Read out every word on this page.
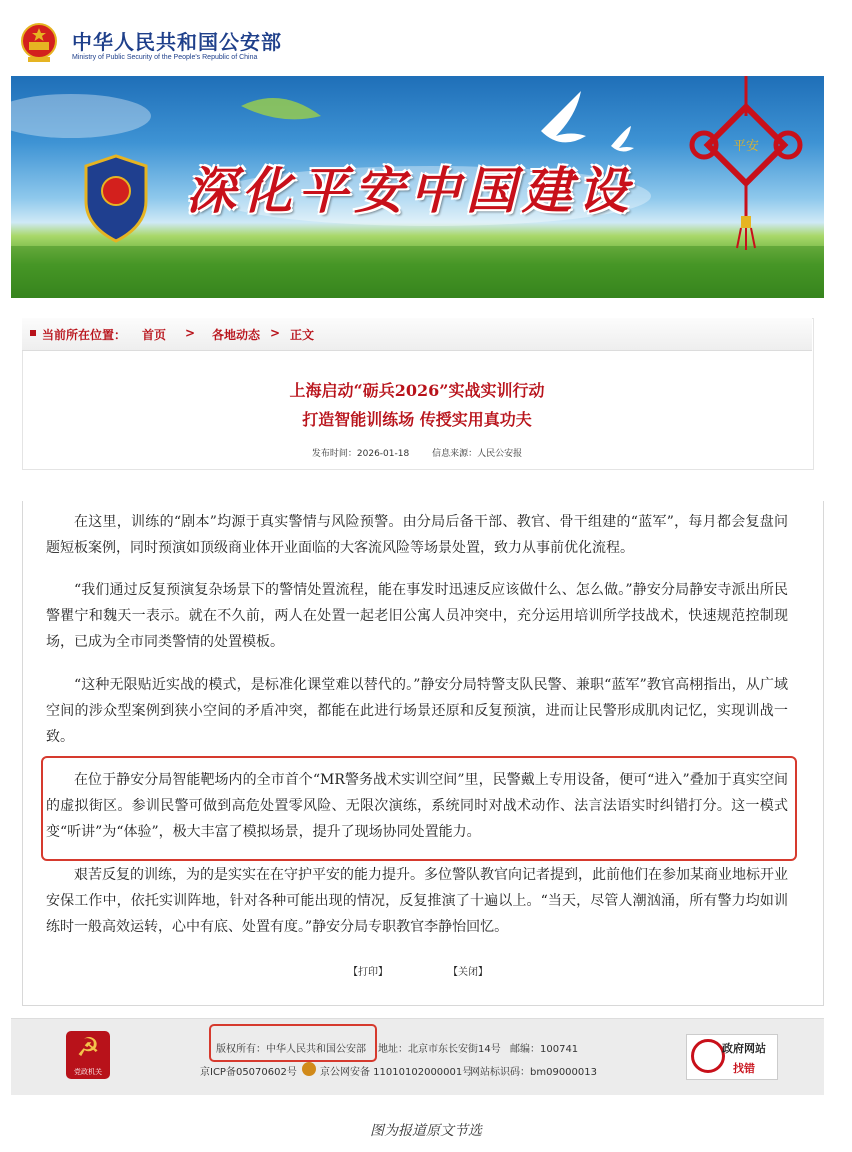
中华人民共和国公安部
Ministry of Public Security of the People's Republic of China
平安
深化平安中国建设
当前所在位置： 首页 > 各地动态 > 正文
上海启动“砺兵2026”实战实训行动
打造智能训练场 传授实用真功夫
发布时间：2026-01-18	信息来源：人民公安报

在这里，训练的“剧本”均源于真实警情与风险预警。由分局后备干部、教官、骨干组建的“蓝军”，每月都会复盘问题短板案例，同时预演如顶级商业体开业面临的大客流风险等场景处置，致力从事前优化流程。

“我们通过反复预演复杂场景下的警情处置流程，能在事发时迅速反应该做什么、怎么做。”静安分局静安寺派出所民警瞿宁和魏天一表示。就在不久前，两人在处置一起老旧公寓人员冲突中，充分运用培训所学技战术，快速规范控制现场，已成为全市同类警情的处置模板。

“这种无限贴近实战的模式，是标准化课堂难以替代的。”静安分局特警支队民警、兼职“蓝军”教官高栩指出，从广域空间的涉众型案例到狭小空间的矛盾冲突，都能在此进行场景还原和反复预演，进而让民警形成肌肉记忆，实现训战一致。

在位于静安分局智能靶场内的全市首个“MR警务战术实训空间”里，民警戴上专用设备，便可“进入”叠加于真实空间的虚拟街区。参训民警可做到高危处置零风险、无限次演练，系统同时对战术动作、法言法语实时纠错打分。这一模式变“听讲”为“体验”，极大丰富了模拟场景，提升了现场协同处置能力。

艰苦反复的训练，为的是实实在在守护平安的能力提升。多位警队教官向记者提到，此前他们在参加某商业地标开业安保工作中，依托实训阵地，针对各种可能出现的情况，反复推演了十遍以上。“当天，尽管人潮汹涌，所有警力均如训练时一般高效运转，心中有底、处置有度。”静安分局专职教官李静怡回忆。

【打印】	【关闭】
☭
党政机关
版权所有：中华人民共和国公安部 地址：北京市东长安街14号 邮编：100741
京ICP备05070602号 京公网安备 11010102000001号
网站标识码：bm09000013
政府网站
找错
图为报道原文节选
